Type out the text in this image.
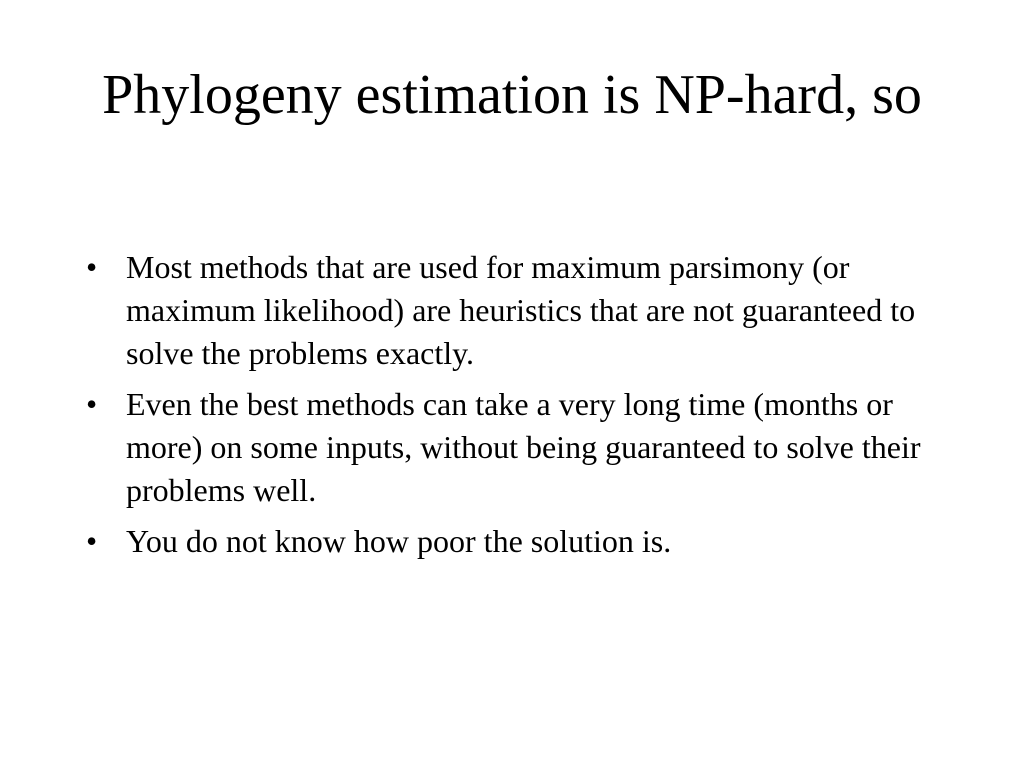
Phylogeny estimation is NP-hard, so
• Most methods that are used for maximum parsimony (or maximum likelihood) are heuristics that are not guaranteed to solve the problems exactly.
• Even the best methods can take a very long time (months or more) on some inputs, without being guaranteed to solve their problems well.
• You do not know how poor the solution is.
